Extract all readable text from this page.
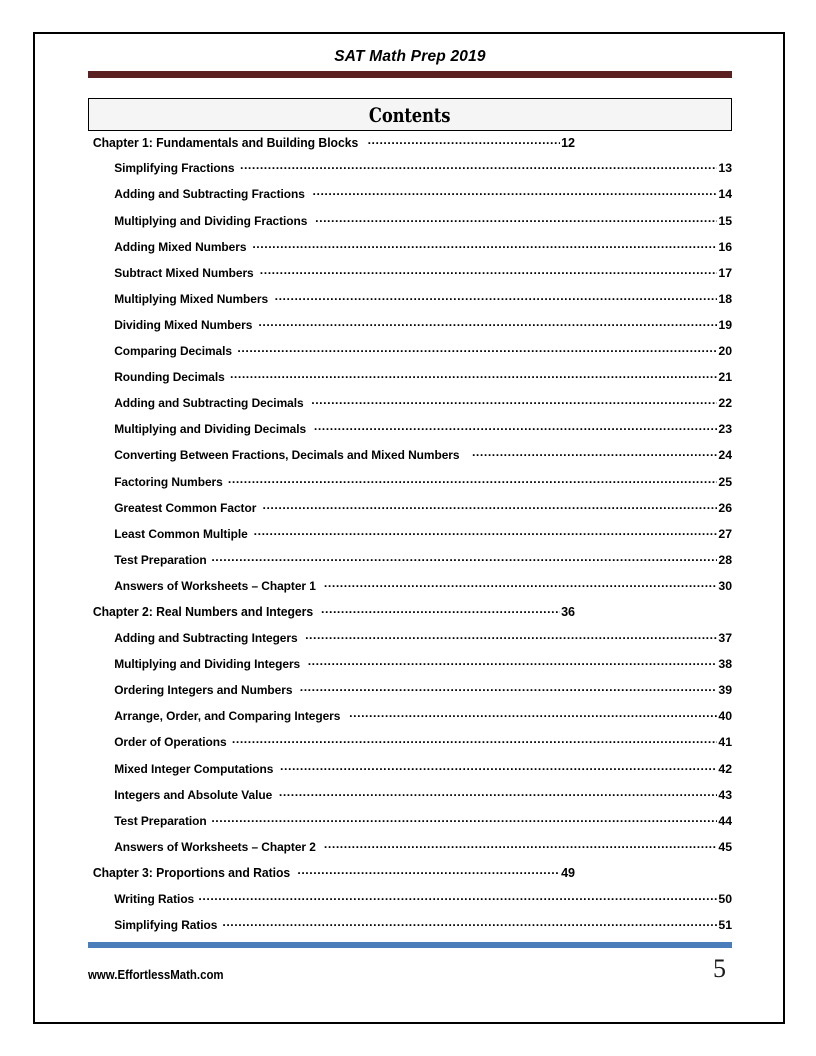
SAT Math Prep 2019
Contents
Chapter 1: Fundamentals and Building Blocks .....	12
Simplifying Fractions .....	13
Adding and Subtracting Fractions .....	14
Multiplying and Dividing Fractions .....	15
Adding Mixed Numbers .....	16
Subtract Mixed Numbers .....	17
Multiplying Mixed Numbers .....	18
Dividing Mixed Numbers .....	19
Comparing Decimals .....	20
Rounding Decimals .....	21
Adding and Subtracting Decimals .....	22
Multiplying and Dividing Decimals .....	23
Converting Between Fractions, Decimals and Mixed Numbers .....	24
Factoring Numbers .....	25
Greatest Common Factor .....	26
Least Common Multiple .....	27
Test Preparation .....	28
Answers of Worksheets – Chapter 1 .....	30
Chapter 2: Real Numbers and Integers .....	36
Adding and Subtracting Integers .....	37
Multiplying and Dividing Integers .....	38
Ordering Integers and Numbers .....	39
Arrange, Order, and Comparing Integers .....	40
Order of Operations .....	41
Mixed Integer Computations .....	42
Integers and Absolute Value .....	43
Test Preparation .....	44
Answers of Worksheets – Chapter 2 .....	45
Chapter 3: Proportions and Ratios .....	49
Writing Ratios .....	50
Simplifying Ratios .....	51
www.EffortlessMath.com	5
